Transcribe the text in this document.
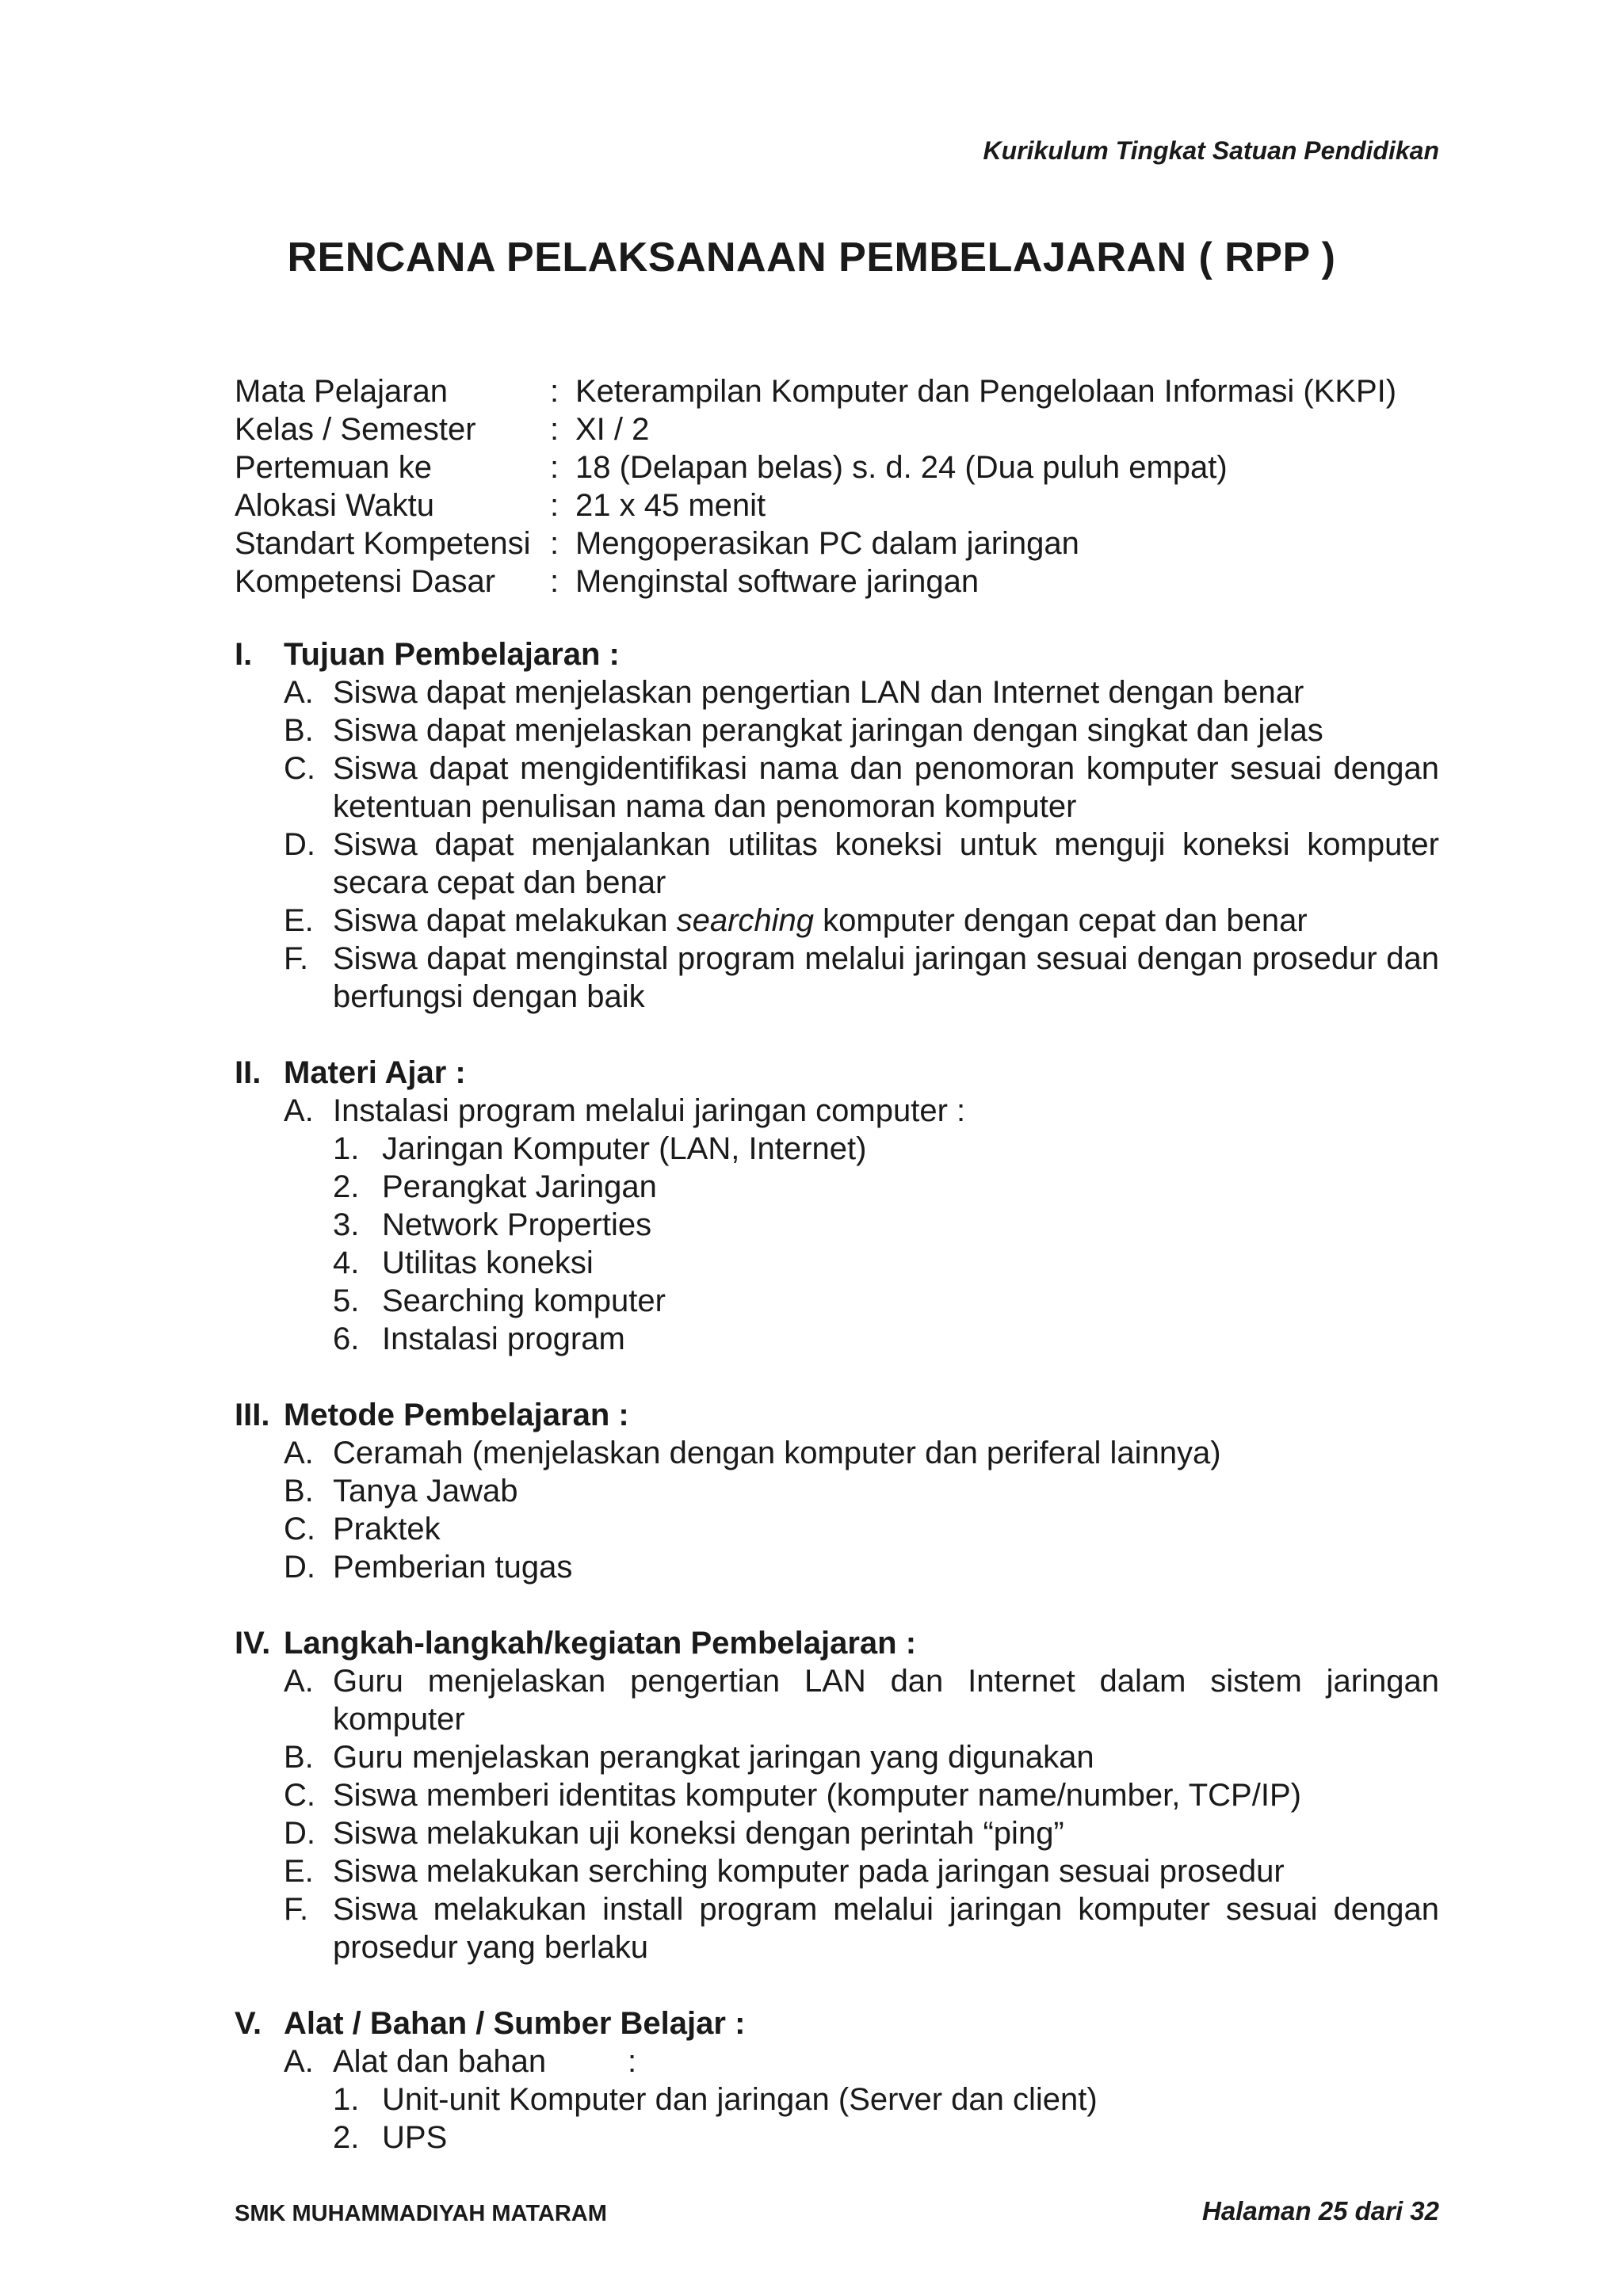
Kurikulum Tingkat Satuan Pendidikan
RENCANA PELAKSANAAN PEMBELAJARAN ( RPP )
Mata Pelajaran	: Keterampilan Komputer dan Pengelolaan Informasi (KKPI)
Kelas / Semester	: XI / 2
Pertemuan ke	: 18 (Delapan belas) s. d. 24 (Dua puluh empat)
Alokasi Waktu	: 21 x 45 menit
Standart Kompetensi : Mengoperasikan PC dalam jaringan
Kompetensi Dasar	: Menginstal software jaringan
I. Tujuan Pembelajaran :
A. Siswa dapat menjelaskan pengertian LAN dan Internet dengan benar
B. Siswa dapat menjelaskan perangkat jaringan dengan singkat dan jelas
C. Siswa dapat mengidentifikasi nama dan penomoran komputer sesuai dengan ketentuan penulisan nama dan penomoran komputer
D. Siswa dapat menjalankan utilitas koneksi untuk menguji koneksi komputer secara cepat dan benar
E. Siswa dapat melakukan searching komputer dengan cepat dan benar
F. Siswa dapat menginstal program melalui jaringan sesuai dengan prosedur dan berfungsi dengan baik
II. Materi Ajar :
A. Instalasi program melalui jaringan computer :
1. Jaringan Komputer (LAN, Internet)
2. Perangkat Jaringan
3. Network Properties
4. Utilitas koneksi
5. Searching komputer
6. Instalasi program
III. Metode Pembelajaran :
A. Ceramah (menjelaskan dengan komputer dan periferal lainnya)
B. Tanya Jawab
C. Praktek
D. Pemberian tugas
IV. Langkah-langkah/kegiatan Pembelajaran :
A. Guru menjelaskan pengertian LAN dan Internet dalam sistem jaringan komputer
B. Guru menjelaskan perangkat jaringan yang digunakan
C. Siswa memberi identitas komputer (komputer name/number, TCP/IP)
D. Siswa melakukan uji koneksi dengan perintah “ping”
E. Siswa melakukan serching komputer pada jaringan sesuai prosedur
F. Siswa melakukan install program melalui jaringan komputer sesuai dengan prosedur yang berlaku
V. Alat / Bahan / Sumber Belajar :
A. Alat dan bahan	:
1. Unit-unit Komputer dan jaringan (Server dan client)
2. UPS
SMK MUHAMMADIYAH MATARAM	Halaman 25 dari 32
